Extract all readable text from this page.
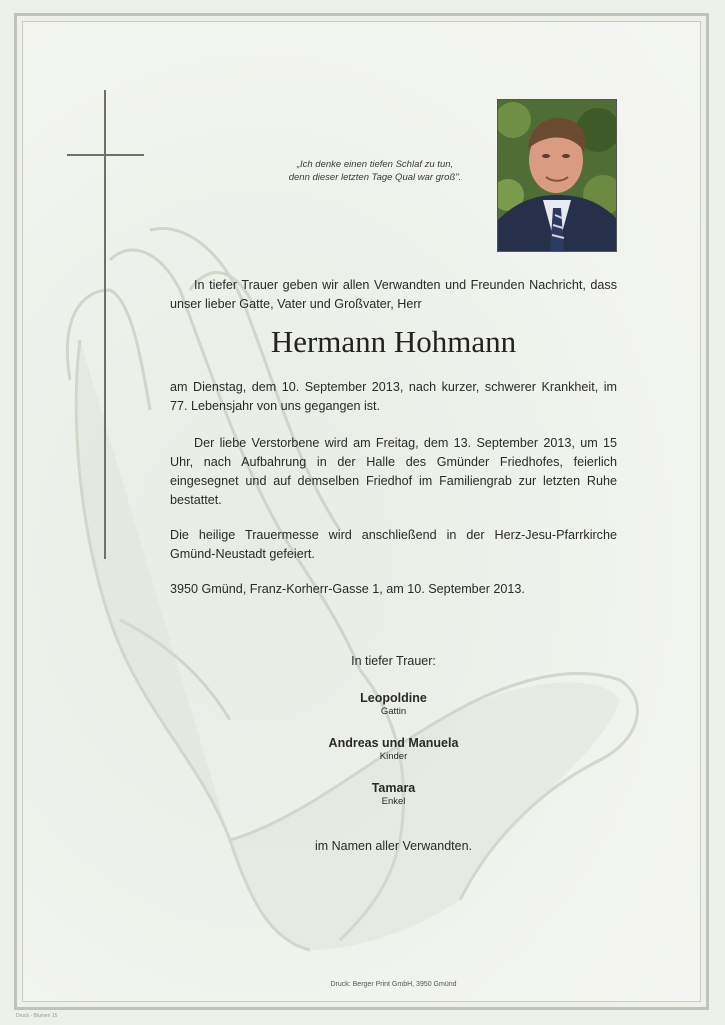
„Ich denke einen tiefen Schlaf zu tun,
denn dieser letzten Tage Qual war groß".

In tiefer Trauer geben wir allen Verwandten und Freunden Nachricht, dass unser lieber Gatte, Vater und Großvater, Herr

Hermann Hohmann

am Dienstag, dem 10. September 2013, nach kurzer, schwerer Krankheit, im 77. Lebensjahr von uns gegangen ist.

Der liebe Verstorbene wird am Freitag, dem 13. September 2013, um 15 Uhr, nach Aufbahrung in der Halle des Gmünder Friedhofes, feierlich eingesegnet und auf demselben Friedhof im Familiengrab zur letzten Ruhe bestattet.

Die heilige Trauermesse wird anschließend in der Herz-Jesu-Pfarrkirche Gmünd-Neustadt gefeiert.

3950 Gmünd, Franz-Korherr-Gasse 1, am 10. September 2013.

In tiefer Trauer:
Leopoldine
Gattin
Andreas und Manuela
Kinder
Tamara
Enkel
im Namen aller Verwandten.
Druck: Berger Print GmbH, 3950 Gmünd
Druck - Blumen 15
